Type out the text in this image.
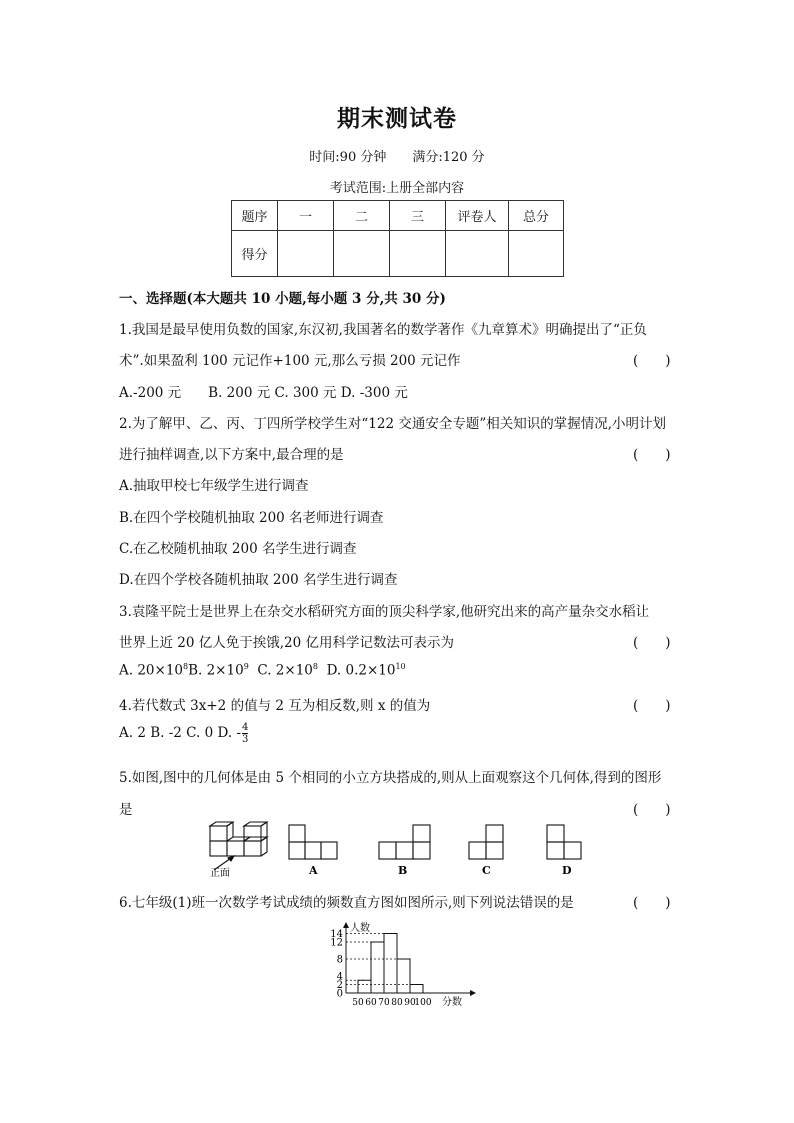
期末测试卷
时间:90 分钟　　满分:120 分
考试范围:上册全部内容
题序	一	二	三	评卷人	总分
得分					
一、选择题(本大题共 10 小题,每小题 3 分,共 30 分)
1.我国是最早使用负数的国家,东汉初,我国著名的数学著作《九章算术》明确提出了“正负
术”.如果盈利 100 元记作+100 元,那么亏损 200 元记作	(　　)
A.-200 元　　B. 200 元 C. 300 元 D. -300 元
2.为了解甲、乙、丙、丁四所学校学生对“122 交通安全专题”相关知识的掌握情况,小明计划
进行抽样调查,以下方案中,最合理的是	(　　)
A.抽取甲校七年级学生进行调查
B.在四个学校随机抽取 200 名老师进行调查
C.在乙校随机抽取 200 名学生进行调查
D.在四个学校各随机抽取 200 名学生进行调查
3.袁隆平院士是世界上在杂交水稻研究方面的顶尖科学家,他研究出来的高产量杂交水稻让
世界上近 20 亿人免于挨饿,20 亿用科学记数法可表示为	(　　)
A. $20\times 10^8B$. $2\times 10^9$ C. $2\times 10^8$ D. $0.2\times 10^{10}$
4.若代数式 3x+2 的值与 2 互为相反数,则 x 的值为	(　　)
A. 2 B. -2 C. 0 D. - $\frac{4}{3}$
5.如图,图中的几何体是由 5 个相同的小立方块搭成的,则从上面观察这个几何体,得到的图形
是	(　　)
正面	A	B	C	D
6.七年级(1)班一次数学考试成绩的频数直方图如图所示,则下列说法错误的是	(　　)
0
2
4
8
12
14
50 60 70 80 90
100
人数
分数
